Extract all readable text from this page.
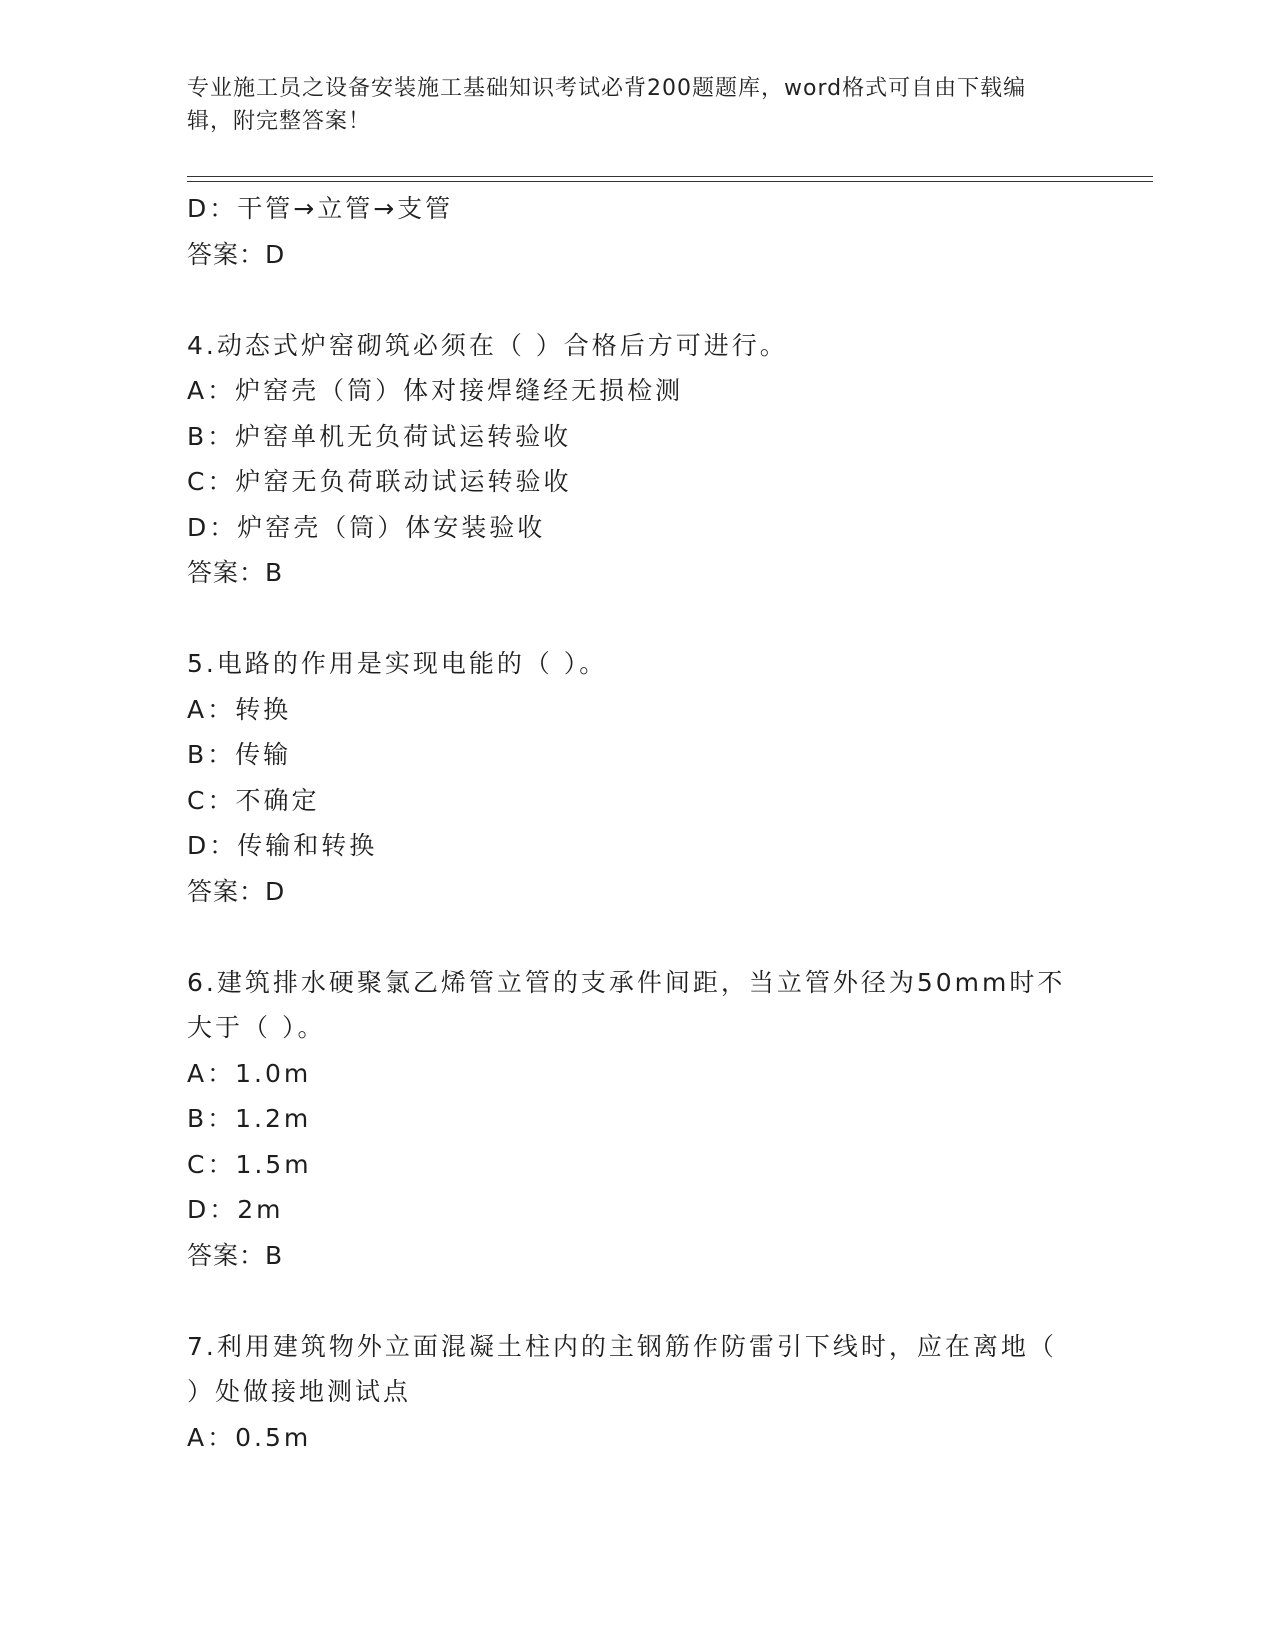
专业施工员之设备安装施工基础知识考试必背200题题库，word格式可自由下载编辑，附完整答案！
D：干管→立管→支管
答案：D
4.动态式炉窑砌筑必须在（ ）合格后方可进行。
A：炉窑壳（筒）体对接焊缝经无损检测
B：炉窑单机无负荷试运转验收
C：炉窑无负荷联动试运转验收
D：炉窑壳（筒）体安装验收
答案：B
5.电路的作用是实现电能的（ ）。
A：转换
B：传输
C：不确定
D：传输和转换
答案：D
6.建筑排水硬聚氯乙烯管立管的支承件间距，当立管外径为50mm时不大于（ ）。
A：1.0m
B：1.2m
C：1.5m
D：2m
答案：B
7.利用建筑物外立面混凝土柱内的主钢筋作防雷引下线时，应在离地（ ）处做接地测试点
A：0.5m
